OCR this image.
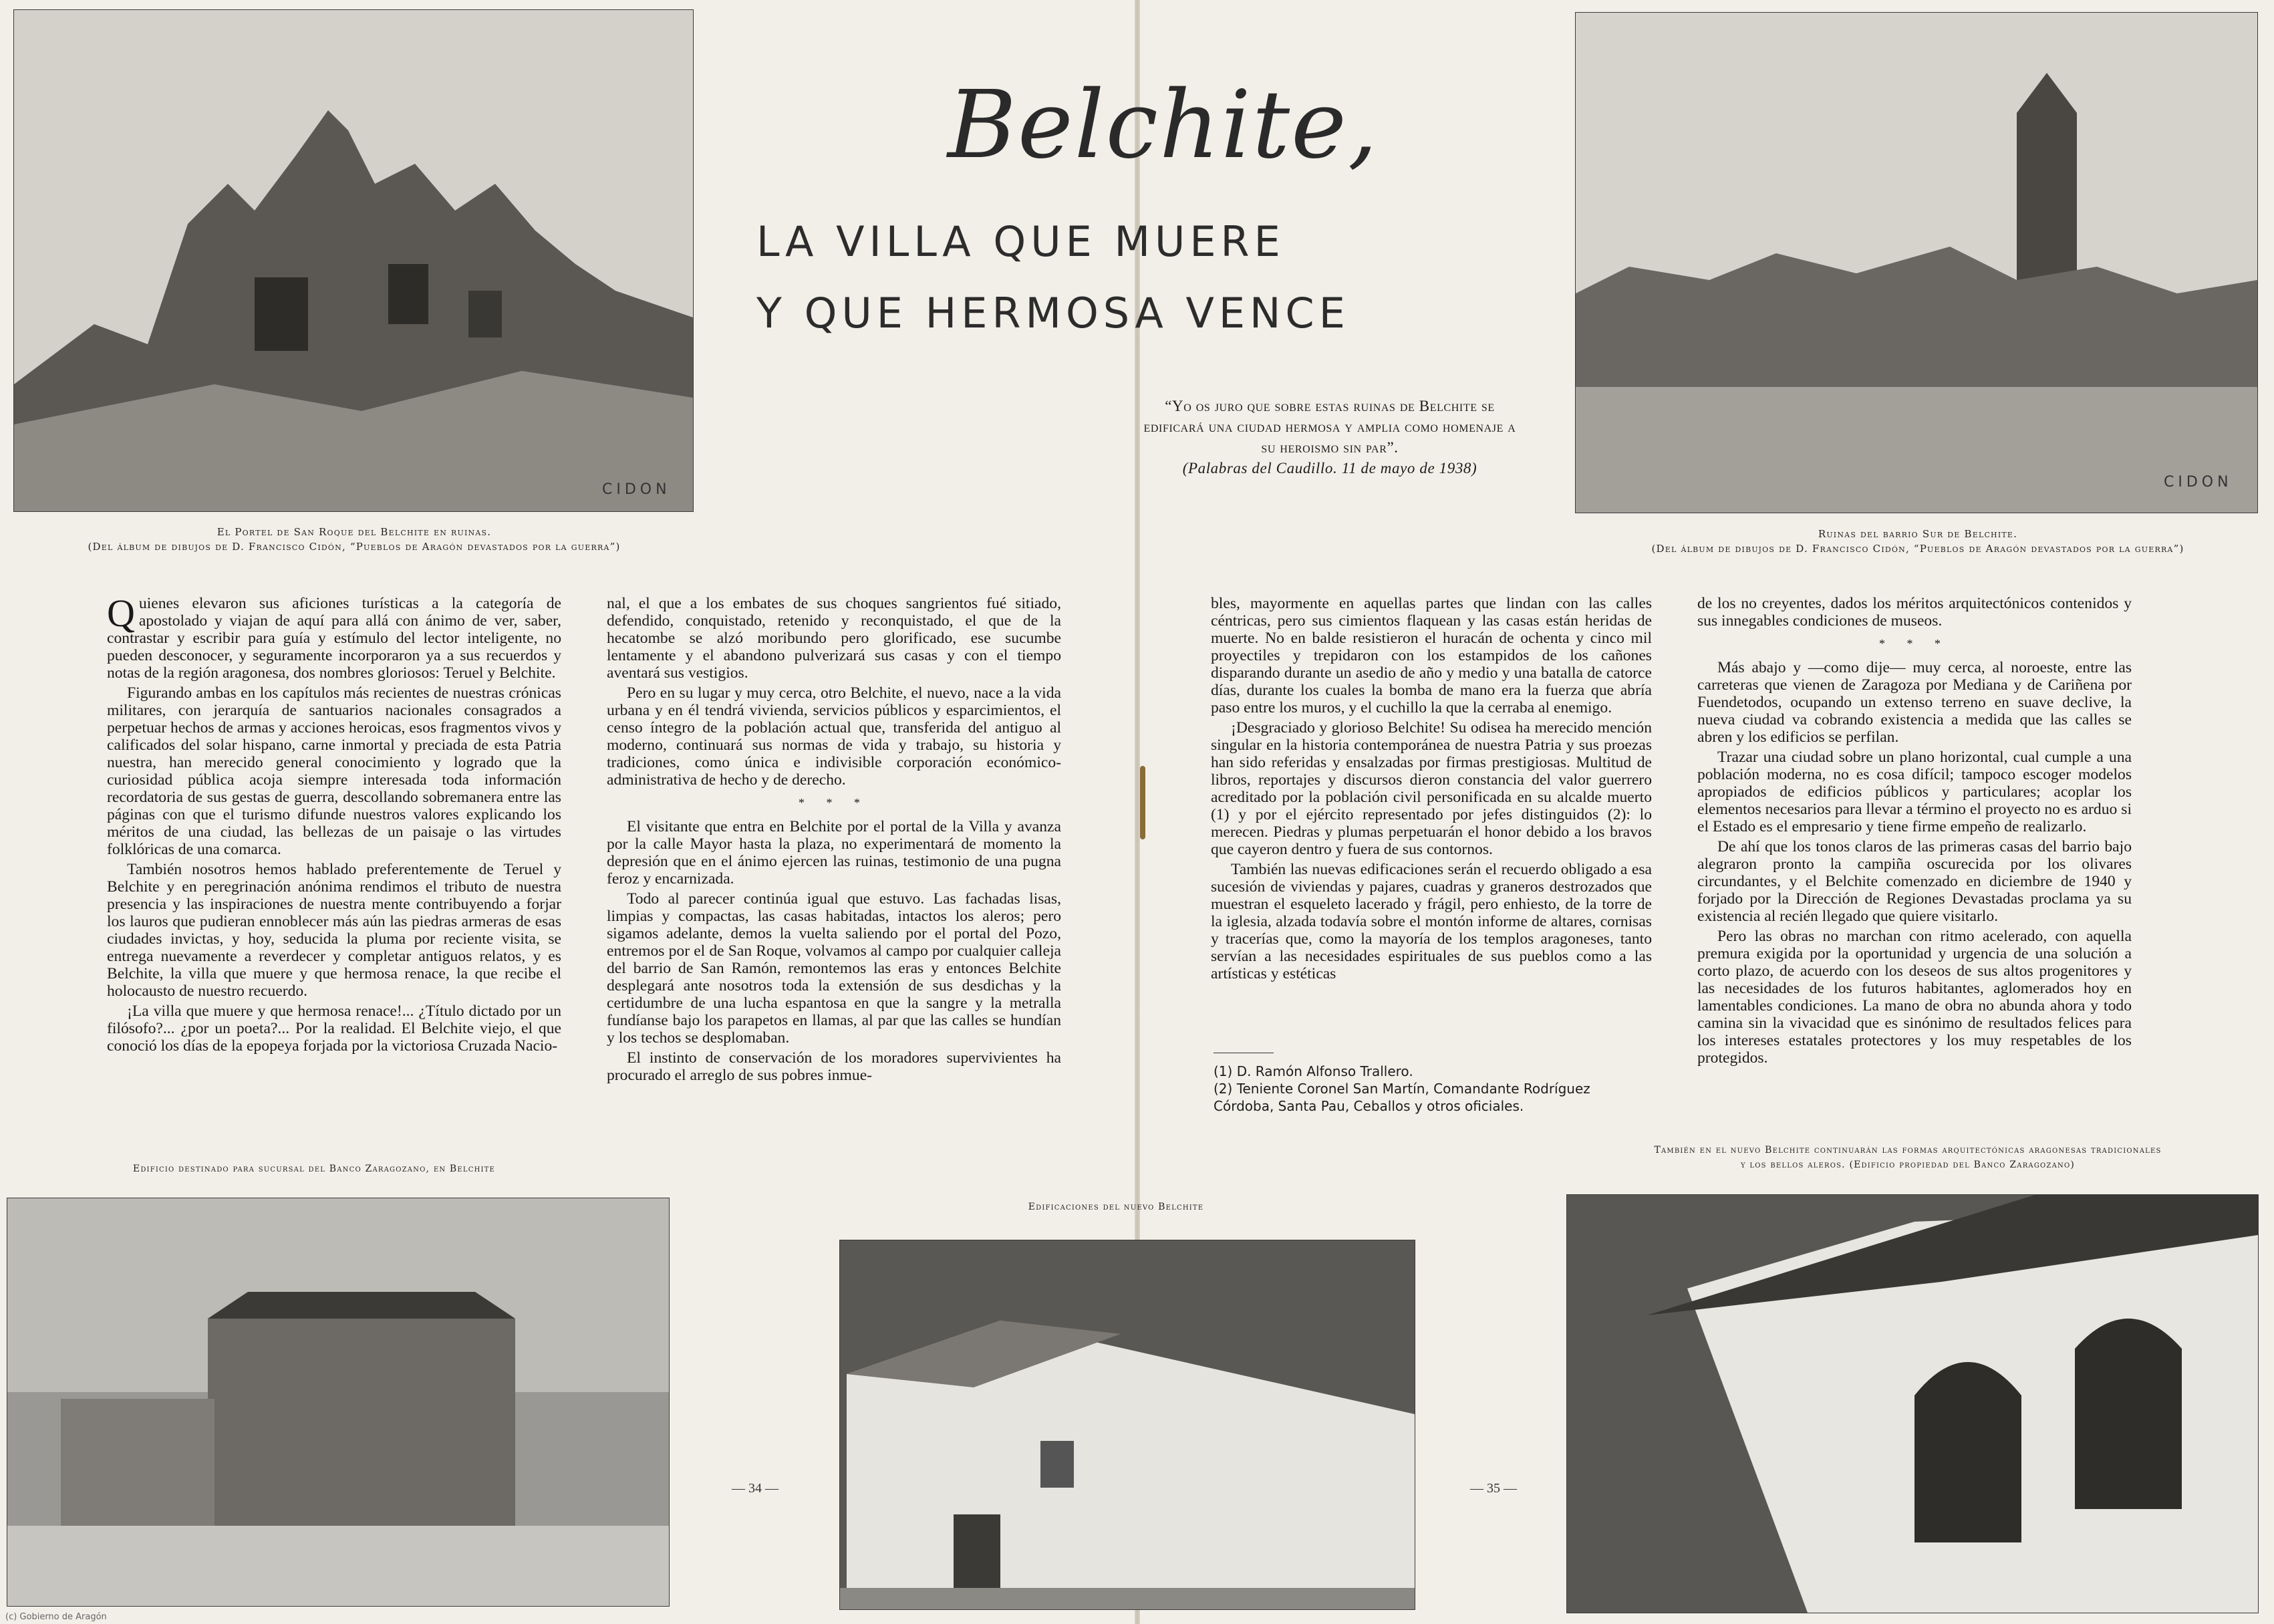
CIDON
El Portel de San Roque del Belchite en ruinas.
(Del álbum de dibujos de D. Francisco Cidón, “Pueblos de Aragón devastados por la guerra”)
Belchite,
LA VILLA QUE MUERE
Y QUE HERMOSA VENCE
“Yo os juro que sobre estas ruinas de Belchite se edificará una ciudad hermosa y amplia como homenaje a su heroismo sin par”.
(Palabras del Caudillo. 11 de mayo de 1938)
CIDON
Ruinas del barrio Sur de Belchite.
(Del álbum de dibujos de D. Francisco Cidón, “Pueblos de Aragón devastados por la guerra”)

Quienes elevaron sus aficiones turísticas a la categoría de apostolado y viajan de aquí para allá con ánimo de ver, saber, contrastar y escribir para guía y estímulo del lector inteligente, no pueden desconocer, y seguramente incorporaron ya a sus recuerdos y notas de la región aragonesa, dos nombres gloriosos: Teruel y Belchite.

Figurando ambas en los capítulos más recientes de nuestras crónicas militares, con jerarquía de santuarios nacionales consagrados a perpetuar hechos de armas y acciones heroicas, esos fragmentos vivos y calificados del solar hispano, carne inmortal y preciada de esta Patria nuestra, han merecido general conocimiento y logrado que la curiosidad pública acoja siempre interesada toda información recordatoria de sus gestas de guerra, descollando sobremanera entre las páginas con que el turismo difunde nuestros valores explicando los méritos de una ciudad, las bellezas de un paisaje o las virtudes folklóricas de una comarca.

También nosotros hemos hablado preferentemente de Teruel y Belchite y en peregrinación anónima rendimos el tributo de nuestra presencia y las inspiraciones de nuestra mente contribuyendo a forjar los lauros que pudieran ennoblecer más aún las piedras armeras de esas ciudades invictas, y hoy, seducida la pluma por reciente visita, se entrega nuevamente a reverdecer y completar antiguos relatos, y es Belchite, la villa que muere y que hermosa renace, la que recibe el holocausto de nuestro recuerdo.

¡La villa que muere y que hermosa renace!... ¿Título dictado por un filósofo?... ¿por un poeta?... Por la realidad. El Belchite viejo, el que conoció los días de la epopeya forjada por la victoriosa Cruzada Nacio-

nal, el que a los embates de sus choques sangrientos fué sitiado, defendido, conquistado, retenido y reconquistado, el que de la hecatombe se alzó moribundo pero glorificado, ese sucumbe lentamente y el abandono pulverizará sus casas y con el tiempo aventará sus vestigios.

Pero en su lugar y muy cerca, otro Belchite, el nuevo, nace a la vida urbana y en él tendrá vivienda, servicios públicos y esparcimientos, el censo íntegro de la población actual que, transferida del antiguo al moderno, continuará sus normas de vida y trabajo, su historia y tradiciones, como única e indivisible corporación económico-administrativa de hecho y de derecho.

* * *

El visitante que entra en Belchite por el portal de la Villa y avanza por la calle Mayor hasta la plaza, no experimentará de momento la depresión que en el ánimo ejercen las ruinas, testimonio de una pugna feroz y encarnizada.

Todo al parecer continúa igual que estuvo. Las fachadas lisas, limpias y compactas, las casas habitadas, intactos los aleros; pero sigamos adelante, demos la vuelta saliendo por el portal del Pozo, entremos por el de San Roque, volvamos al campo por cualquier calleja del barrio de San Ramón, remontemos las eras y entonces Belchite desplegará ante nosotros toda la extensión de sus desdichas y la certidumbre de una lucha espantosa en que la sangre y la metralla fundíanse bajo los parapetos en llamas, al par que las calles se hundían y los techos se desplomaban.

El instinto de conservación de los moradores supervivientes ha procurado el arreglo de sus pobres inmue-

bles, mayormente en aquellas partes que lindan con las calles céntricas, pero sus cimientos flaquean y las casas están heridas de muerte. No en balde resistieron el huracán de ochenta y cinco mil proyectiles y trepidaron con los estampidos de los cañones disparando durante un asedio de año y medio y una batalla de catorce días, durante los cuales la bomba de mano era la fuerza que abría paso entre los muros, y el cuchillo la que la cerraba al enemigo.

¡Desgraciado y glorioso Belchite! Su odisea ha merecido mención singular en la historia contemporánea de nuestra Patria y sus proezas han sido referidas y ensalzadas por firmas prestigiosas. Multitud de libros, reportajes y discursos dieron constancia del valor guerrero acreditado por la población civil personificada en su alcalde muerto (1) y por el ejército representado por jefes distinguidos (2): lo merecen. Piedras y plumas perpetuarán el honor debido a los bravos que cayeron dentro y fuera de sus contornos.

También las nuevas edificaciones serán el recuerdo obligado a esa sucesión de viviendas y pajares, cuadras y graneros destrozados que muestran el esqueleto lacerado y frágil, pero enhiesto, de la torre de la iglesia, alzada todavía sobre el montón informe de altares, cornisas y tracerías que, como la mayoría de los templos aragoneses, tanto servían a las necesidades espirituales de sus pueblos como a las artísticas y estéticas

(1) D. Ramón Alfonso Trallero.
(2) Teniente Coronel San Martín, Comandante Rodríguez Córdoba, Santa Pau, Ceballos y otros oficiales.

de los no creyentes, dados los méritos arquitectónicos contenidos y sus innegables condiciones de museos.

* * *

Más abajo y —como dije— muy cerca, al noroeste, entre las carreteras que vienen de Zaragoza por Mediana y de Cariñena por Fuendetodos, ocupando un extenso terreno en suave declive, la nueva ciudad va cobrando existencia a medida que las calles se abren y los edificios se perfilan.

Trazar una ciudad sobre un plano horizontal, cual cumple a una población moderna, no es cosa difícil; tampoco escoger modelos apropiados de edificios públicos y particulares; acoplar los elementos necesarios para llevar a término el proyecto no es arduo si el Estado es el empresario y tiene firme empeño de realizarlo.

De ahí que los tonos claros de las primeras casas del barrio bajo alegraron pronto la campiña oscurecida por los olivares circundantes, y el Belchite comenzado en diciembre de 1940 y forjado por la Dirección de Regiones Devastadas proclama ya su existencia al recién llegado que quiere visitarlo.

Pero las obras no marchan con ritmo acelerado, con aquella premura exigida por la oportunidad y urgencia de una solución a corto plazo, de acuerdo con los deseos de sus altos progenitores y las necesidades de los futuros habitantes, aglomerados hoy en lamentables condiciones. La mano de obra no abunda ahora y todo camina sin la vivacidad que es sinónimo de resultados felices para los intereses estatales protectores y los muy respetables de los protegidos.

Edificio destinado para sucursal del Banco Zaragozano, en Belchite
Edificaciones del nuevo Belchite
También en el nuevo Belchite continuarán las formas arquitectónicas aragonesas tradicionales
y los bellos aleros. (Edificio propiedad del Banco Zaragozano)
— 34 —	— 35 —
(c) Gobierno de Aragón
